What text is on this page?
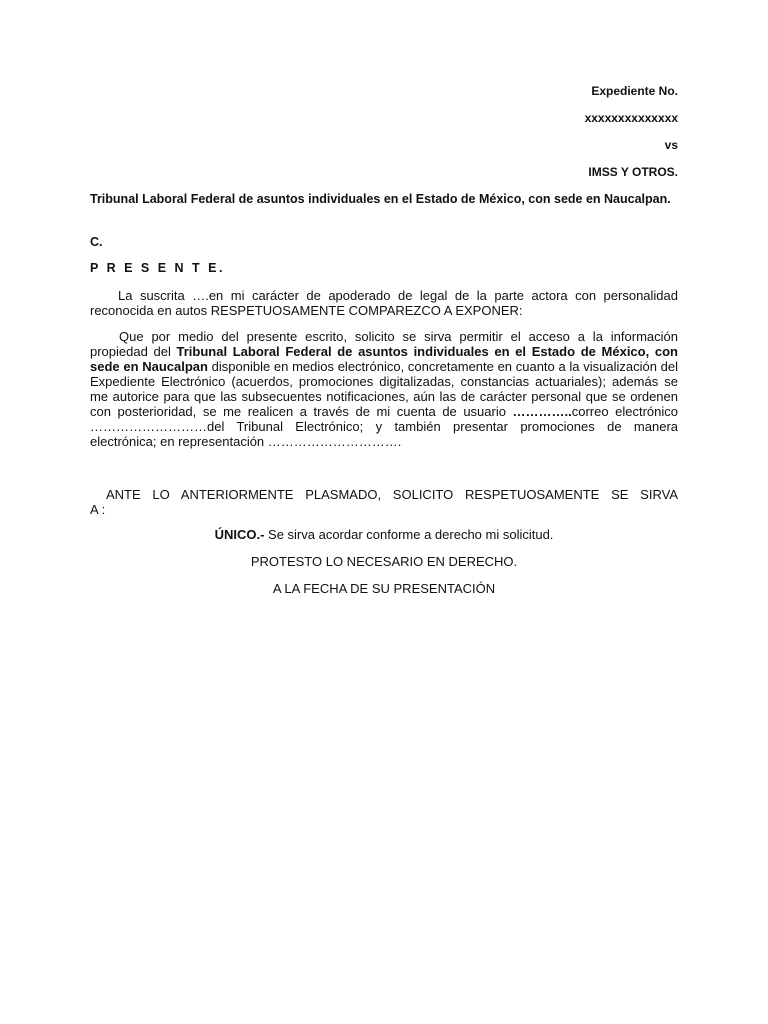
Expediente No.
xxxxxxxxxxxxxx
vs
IMSS Y OTROS.
Tribunal Laboral Federal de asuntos individuales en el Estado de México, con sede en Naucalpan.
C.
P R E S E N T E.
La suscrita ….en mi carácter de apoderado de legal de la parte actora con personalidad reconocida en autos RESPETUOSAMENTE COMPAREZCO A EXPONER:
Que por medio del presente escrito, solicito se sirva permitir el acceso a la información propiedad del Tribunal Laboral Federal de asuntos individuales en el Estado de México, con sede en Naucalpan disponible en medios electrónico, concretamente en cuanto a la visualización del Expediente Electrónico (acuerdos, promociones digitalizadas, constancias actuariales); además se me autorice para que las subsecuentes notificaciones, aún las de carácter personal que se ordenen con posterioridad, se me realicen a través de mi cuenta de usuario …………..correo electrónico ………………………del Tribunal Electrónico; y también presentar promociones de manera electrónica; en representación ………………………….
ANTE LO ANTERIORMENTE PLASMADO, SOLICITO RESPETUOSAMENTE SE SIRVA
A :
ÚNICO.- Se sirva acordar conforme a derecho mi solicitud.
PROTESTO LO NECESARIO EN DERECHO.
A LA FECHA DE SU PRESENTACIÓN
